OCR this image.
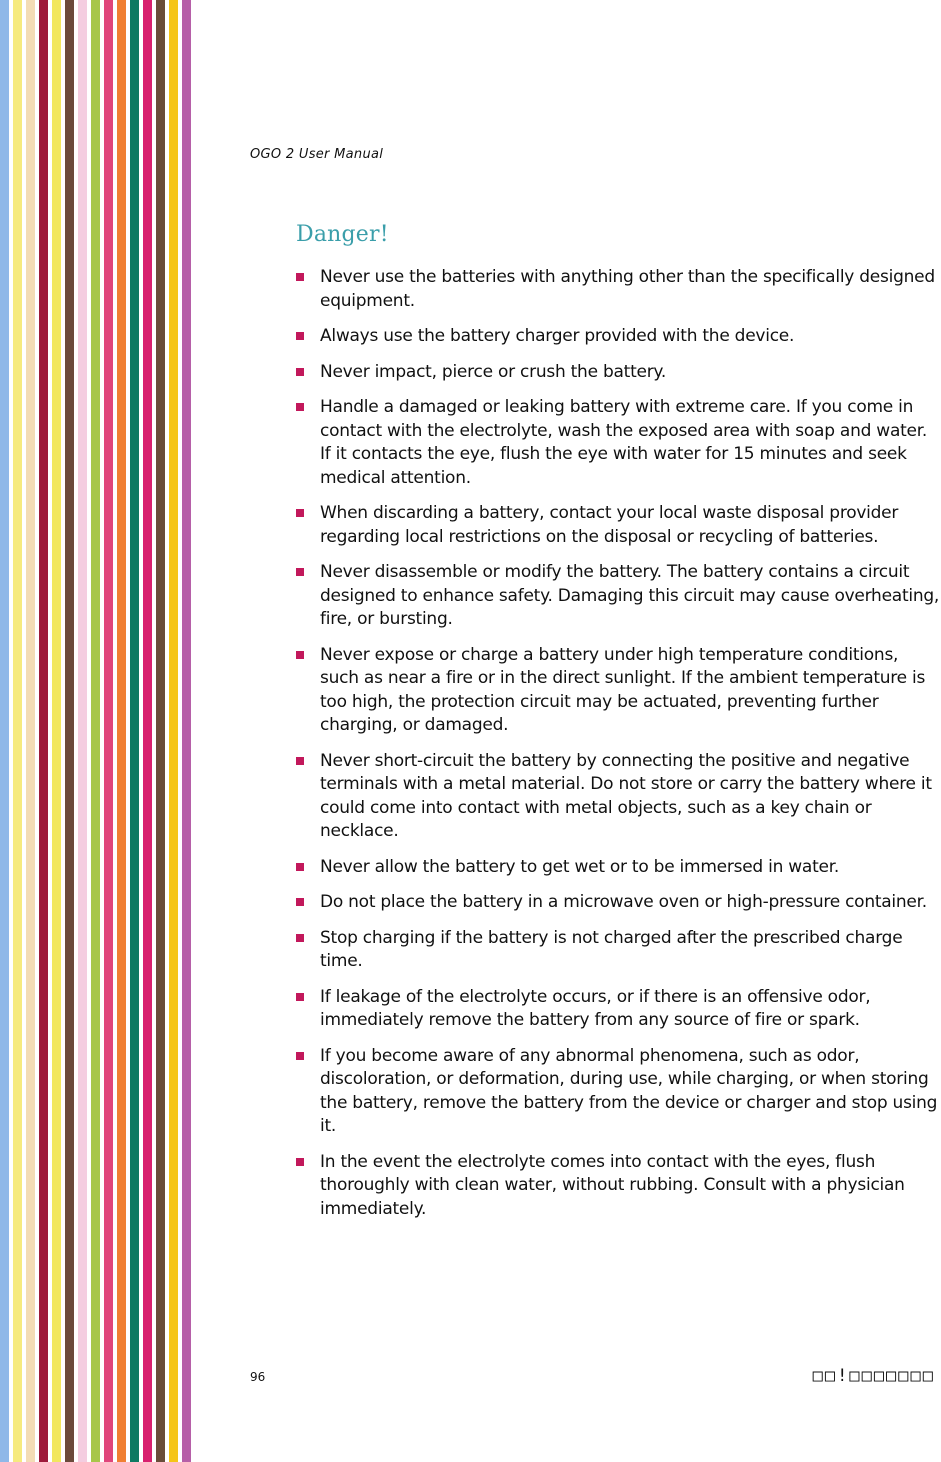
OGO 2 User Manual
Danger!
Never use the batteries with anything other than the specifically designed equipment.
Always use the battery charger provided with the device.
Never impact, pierce or crush the battery.
Handle a damaged or leaking battery with extreme care. If you come in contact with the electrolyte, wash the exposed area with soap and water. If it contacts the eye, flush the eye with water for 15 minutes and seek medical attention.
When discarding a battery, contact your local waste disposal provider regarding local restrictions on the disposal or recycling of batteries.
Never disassemble or modify the battery. The battery contains a circuit designed to enhance safety. Damaging this circuit may cause overheating, fire, or bursting.
Never expose or charge a battery under high temperature conditions, such as near a fire or in the direct sunlight. If the ambient temperature is too high, the protection circuit may be actuated, preventing further charging, or damaged.
Never short-circuit the battery by connecting the positive and negative terminals with a metal material. Do not store or carry the battery where it could come into contact with metal objects, such as a key chain or necklace.
Never allow the battery to get wet or to be immersed in water.
Do not place the battery in a microwave oven or high-pressure container.
Stop charging if the battery is not charged after the prescribed charge time.
If leakage of the electrolyte occurs, or if there is an offensive odor, immediately remove the battery from any source of fire or spark.
If you become aware of any abnormal phenomena, such as odor, discoloration, or deformation, during use, while charging, or when storing the battery, remove the battery from the device or charger and stop using it.
In the event the electrolyte comes into contact with the eyes, flush thoroughly with clean water, without rubbing. Consult with a physician immediately.
96	□□!□□□□□□□
